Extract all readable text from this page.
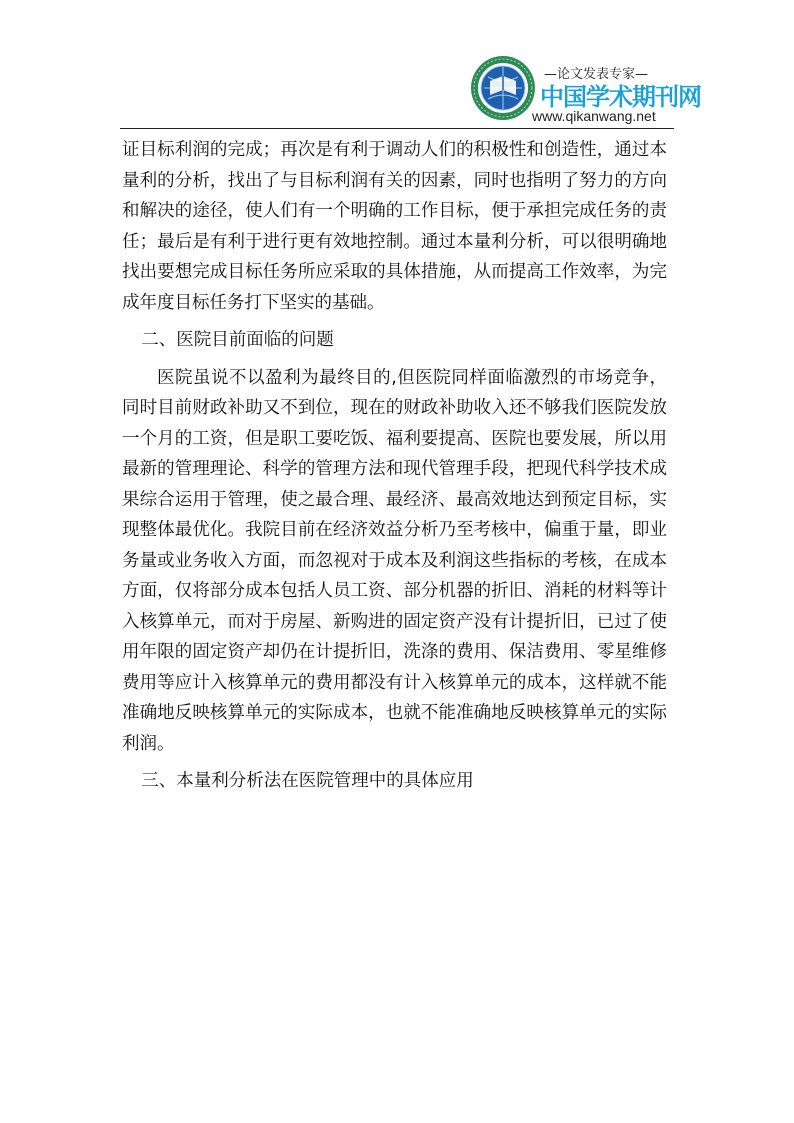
—论文发表专家—
中国学术期刊网
www.qikanwang.net

证目标利润的完成；再次是有利于调动人们的积极性和创造性，通过本量利的分析，找出了与目标利润有关的因素，同时也指明了努力的方向和解决的途径，使人们有一个明确的工作目标，便于承担完成任务的责任；最后是有利于进行更有效地控制。通过本量利分析，可以很明确地找出要想完成目标任务所应采取的具体措施，从而提高工作效率，为完成年度目标任务打下坚实的基础。

二、医院目前面临的问题

医院虽说不以盈利为最终目的,但医院同样面临激烈的市场竞争，同时目前财政补助又不到位，现在的财政补助收入还不够我们医院发放一个月的工资，但是职工要吃饭、福利要提高、医院也要发展，所以用最新的管理理论、科学的管理方法和现代管理手段，把现代科学技术成果综合运用于管理，使之最合理、最经济、最高效地达到预定目标，实现整体最优化。我院目前在经济效益分析乃至考核中，偏重于量，即业务量或业务收入方面，而忽视对于成本及利润这些指标的考核，在成本方面，仅将部分成本包括人员工资、部分机器的折旧、消耗的材料等计入核算单元，而对于房屋、新购进的固定资产没有计提折旧，已过了使用年限的固定资产却仍在计提折旧，洗涤的费用、保洁费用、零星维修费用等应计入核算单元的费用都没有计入核算单元的成本，这样就不能准确地反映核算单元的实际成本，也就不能准确地反映核算单元的实际利润。

三、本量利分析法在医院管理中的具体应用
